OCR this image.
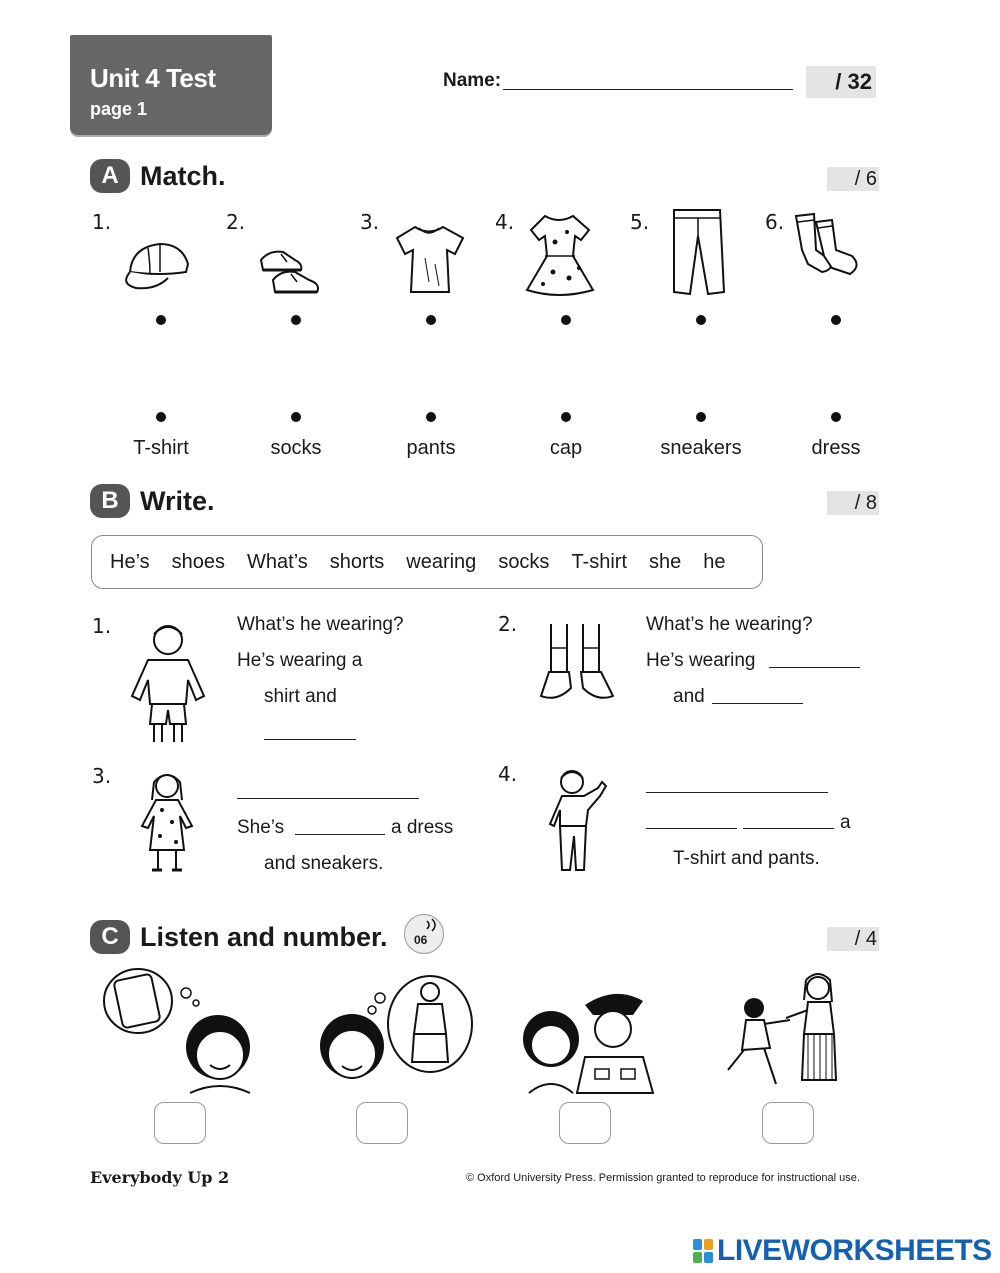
Unit 4 Test
page 1
Name:	/ 32
A Match.	/ 6
1.	2.	3.	4.	5.	6.
T-shirt	socks	pants	cap	sneakers	dress
B Write.	/ 8
He’s shoes What’s shorts wearing socks T-shirt she he
1.	What’s he wearing?
He’s wearing a
shirt and
2.	What’s he wearing?
He’s wearing
and
3.
She’s	a dress
and sneakers.
4.
a
T-shirt and pants.
C Listen and number. 06	/ 4
Everybody Up 2	© Oxford University Press. Permission granted to reproduce for instructional use.
LIVEWORKSHEETS
